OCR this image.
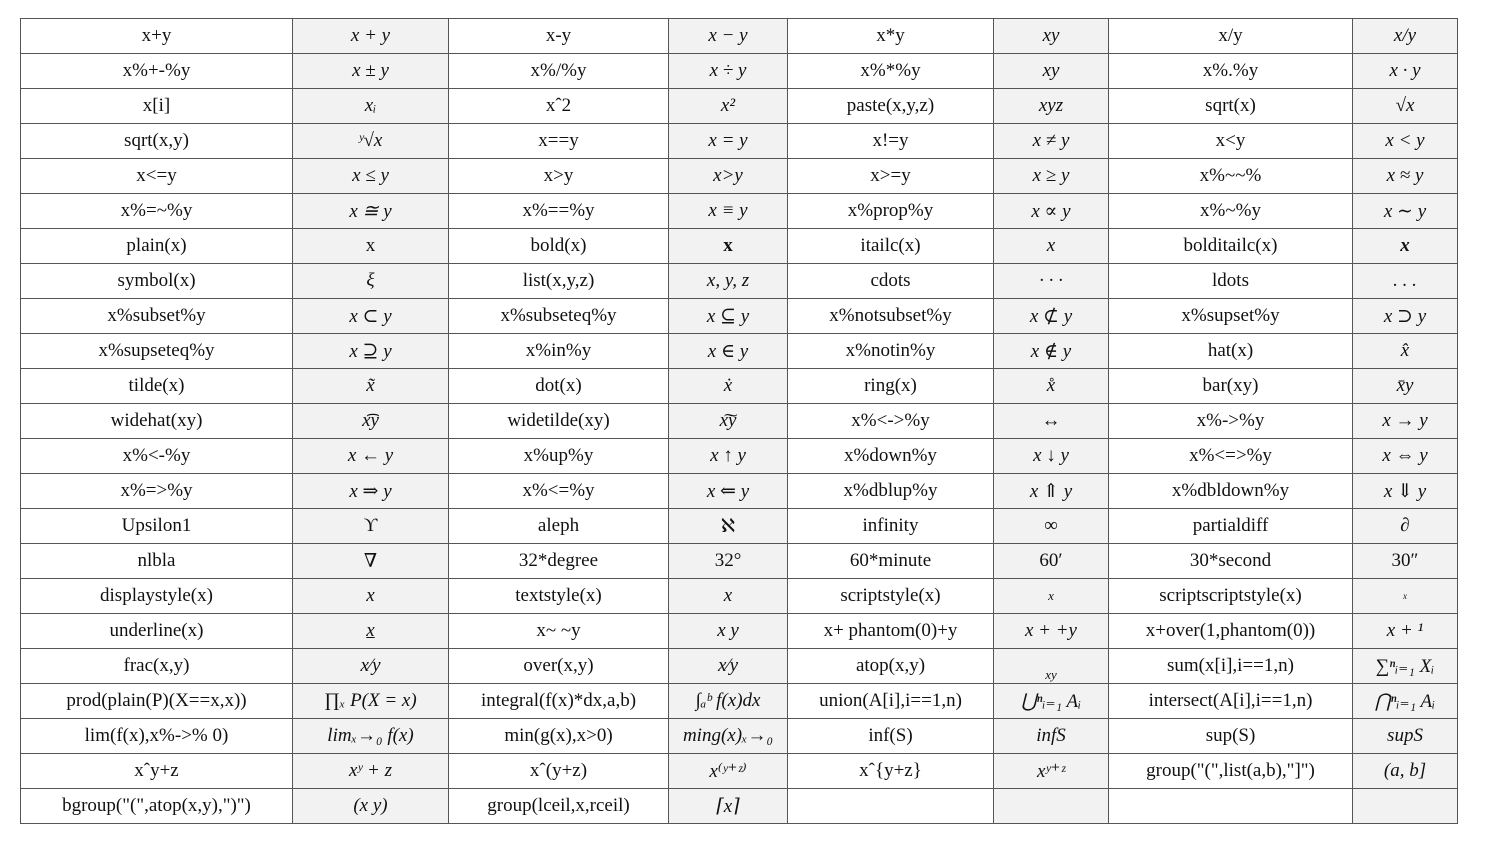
x+y	x + y	x-y	x − y	x*y	xy	x/y	x/y
x%+-%y	x ± y	x%/%y	x ÷ y	x%*%y	xy	x%.%y	x · y
x[i]	xᵢ	xˆ2	x²	paste(x,y,z)	xyz	sqrt(x)	√x
sqrt(x,y)	ʸ√x	x==y	x = y	x!=y	x ≠ y	x<y	x < y
x<=y	x ≤ y	x>y	x>y	x>=y	x ≥ y	x%~~%	x ≈ y
x%=~%y	x ≅ y	x%==%y	x ≡ y	x%prop%y	x ∝ y	x%~%y	x ∼ y
plain(x)	x	bold(x)	x	itailc(x)	x	bolditailc(x)	x
symbol(x)	ξ	list(x,y,z)	x, y, z	cdots	· · ·	ldots	. . .
x%subset%y	x ⊂ y	x%subseteq%y	x ⊆ y	x%notsubset%y	x ⊄ y	x%supset%y	x ⊃ y
x%supseteq%y	x ⊇ y	x%in%y	x ∈ y	x%notin%y	x ∉ y	hat(x)	x̂
tilde(x)	x̃	dot(x)	ẋ	ring(x)	x̊	bar(xy)	x̄y
widehat(xy)	x͡y	widetilde(xy)	x͠y	x%<->%y	↔	x%->%y	x → y
x%<-%y	x ← y	x%up%y	x ↑ y	x%down%y	x ↓ y	x%<=>%y	x ⇔ y
x%=>%y	x ⇒ y	x%<=%y	x ⇐ y	x%dblup%y	x ⇑ y	x%dbldown%y	x ⇓ y
Upsilon1	ϒ	aleph	ℵ	infinity	∞	partialdiff	∂
nlbla	∇	32*degree	32°	60*minute	60′	30*second	30″
displaystyle(x)	x	textstyle(x)	x	scriptstyle(x)	x	scriptscriptstyle(x)	x
underline(x)	x	x~ ~y	x y	x+ phantom(0)+y	x + +y	x+over(1,phantom(0))	x + ¹
frac(x,y)	x⁄y	over(x,y)	x⁄y	atop(x,y)	xy	sum(x[i],i==1,n)	∑ⁿᵢ₌₁ Xᵢ
prod(plain(P)(X==x,x))	∏ₓ P(X = x)	integral(f(x)*dx,a,b)	∫ₐᵇ f(x)dx	union(A[i],i==1,n)	⋃ⁿᵢ₌₁ Aᵢ	intersect(A[i],i==1,n)	⋂ⁿᵢ₌₁ Aᵢ
lim(f(x),x%->% 0)	limₓ→₀ f(x)	min(g(x),x>0)	ming(x)ₓ→₀	inf(S)	infS	sup(S)	supS
xˆy+z	xʸ + z	xˆ(y+z)	x⁽ʸ⁺ᶻ⁾	xˆ{y+z}	xʸ⁺ᶻ	group("(",list(a,b),"]")	(a, b]
bgroup("(",atop(x,y),")")	(x y)	group(lceil,x,rceil)	⌈x⌉				
